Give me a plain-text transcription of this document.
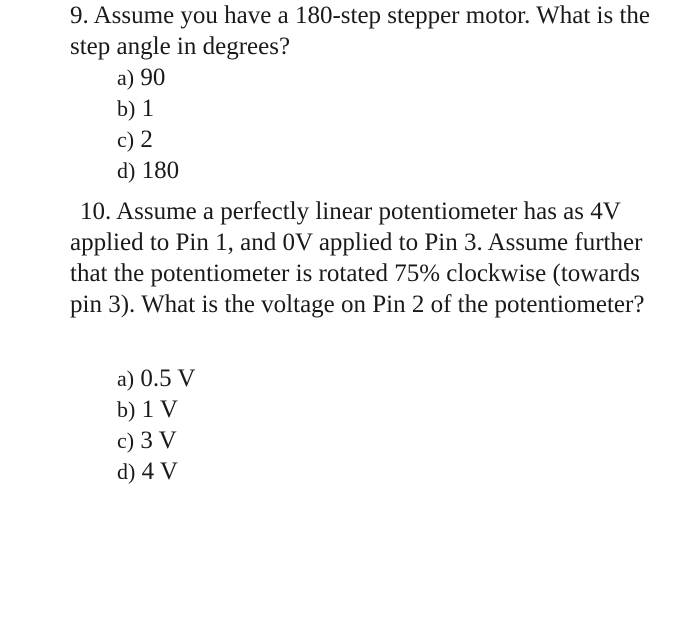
9. Assume you have a 180-step stepper motor. What is the step angle in degrees?

a) 90
b) 1
c) 2
d) 180

10. Assume a perfectly linear potentiometer has as 4V applied to Pin 1, and 0V applied to Pin 3. Assume further that the potentiometer is rotated 75% clockwise (towards pin 3). What is the voltage on Pin 2 of the potentiometer?

a) 0.5 V
b) 1 V
c) 3 V
d) 4 V
